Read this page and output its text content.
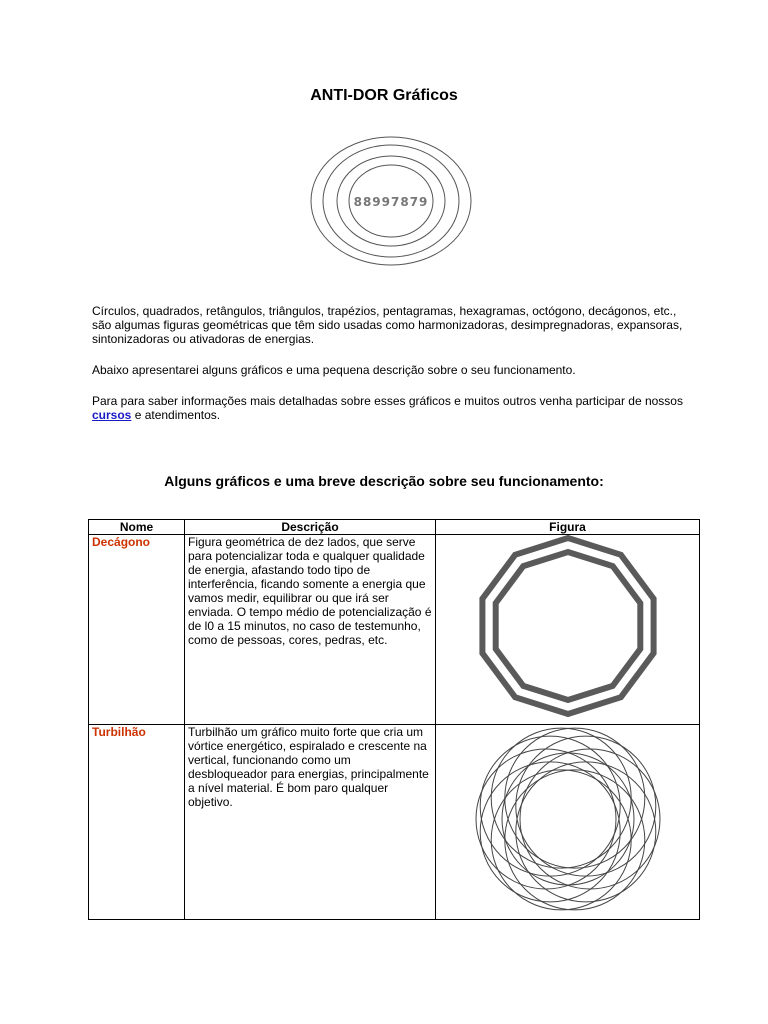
ANTI-DOR Gráficos
88997879

Círculos, quadrados, retângulos, triângulos, trapézios, pentagramas, hexagramas, octógono, decágonos, etc., são algumas figuras geométricas que têm sido usadas como harmonizadoras, desimpregnadoras, expansoras, sintonizadoras ou ativadoras de energias.

Abaixo apresentarei alguns gráficos e uma pequena descrição sobre o seu funcionamento.

Para para saber informações mais detalhadas sobre esses gráficos e muitos outros venha participar de nossos cursos e atendimentos.

Alguns gráficos e uma breve descrição sobre seu funcionamento:
Nome	Descrição	Figura
Decágono	Figura geométrica de dez lados, que serve para potencializar toda e qualquer qualidade de energia, afastando todo tipo de interferência, ficando somente a energia que vamos medir, equilibrar ou que irá ser enviada. O tempo médio de potencialização é de l0 a 15 minutos, no caso de testemunho, como de pessoas, cores, pedras, etc.	

Turbilhão	Turbilhão um gráfico muito forte que cria um vórtice energético, espiralado e crescente na vertical, funcionando como um desbloqueador para energias, principalmente a nível material. É bom paro qualquer objetivo.	
